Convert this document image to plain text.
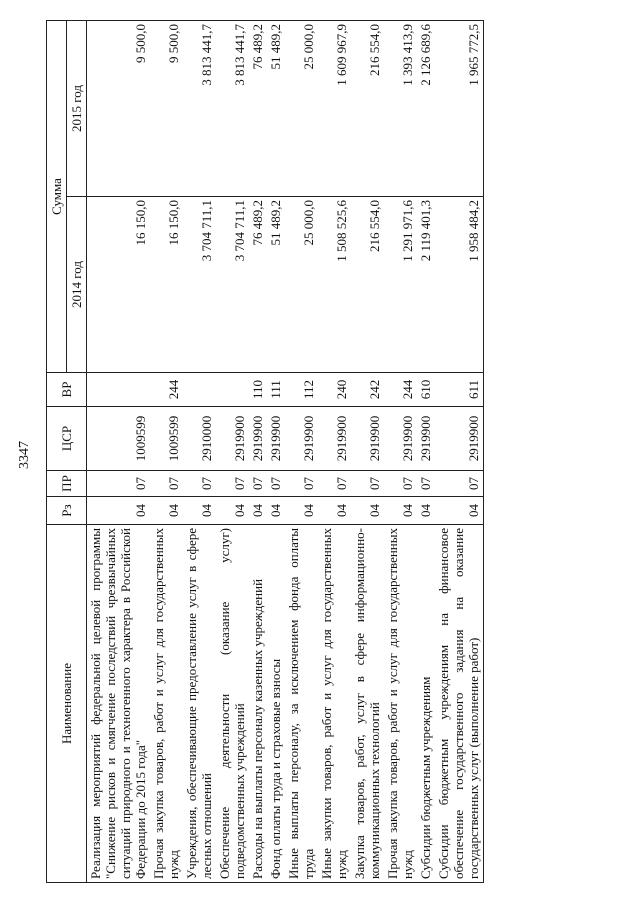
3347
Наименование	Рз	ПР	ЦСР	ВР	Сумма	
					2014 год	2015 год
Реализация мероприятий федеральной целевой программы "Снижение рисков и смягчение последствий чрезвычайных ситуаций природного и техногенного характера в Российской Федерации до 2015 года"	04	07	1009599		16 150,0	9 500,0
Прочая закупка товаров, работ и услуг для государственных нужд	04	07	1009599	244	16 150,0	9 500,0
Учреждения, обеспечивающие предоставление услуг в сфере лесных отношений	04	07	2910000		3 704 711,1	3 813 441,7
Обеспечение деятельности (оказание услуг) подведомственных учреждений	04	07	2919900		3 704 711,1	3 813 441,7
Расходы на выплаты персоналу казенных учреждений	04	07	2919900	110	76 489,2	76 489,2
Фонд оплаты труда и страховые взносы	04	07	2919900	111	51 489,2	51 489,2
Иные выплаты персоналу, за исключением фонда оплаты труда	04	07	2919900	112	25 000,0	25 000,0
Иные закупки товаров, работ и услуг для государственных нужд	04	07	2919900	240	1 508 525,6	1 609 967,9
Закупка товаров, работ, услуг в сфере информационно-коммуникационных технологий	04	07	2919900	242	216 554,0	216 554,0
Прочая закупка товаров, работ и услуг для государственных нужд	04	07	2919900	244	1 291 971,6	1 393 413,9
Субсидии бюджетным учреждениям	04	07	2919900	610	2 119 401,3	2 126 689,6
Субсидии бюджетным учреждениям на финансовое обеспечение государственного задания на оказание государственных услуг (выполнение работ)	04	07	2919900	611	1 958 484,2	1 965 772,5
